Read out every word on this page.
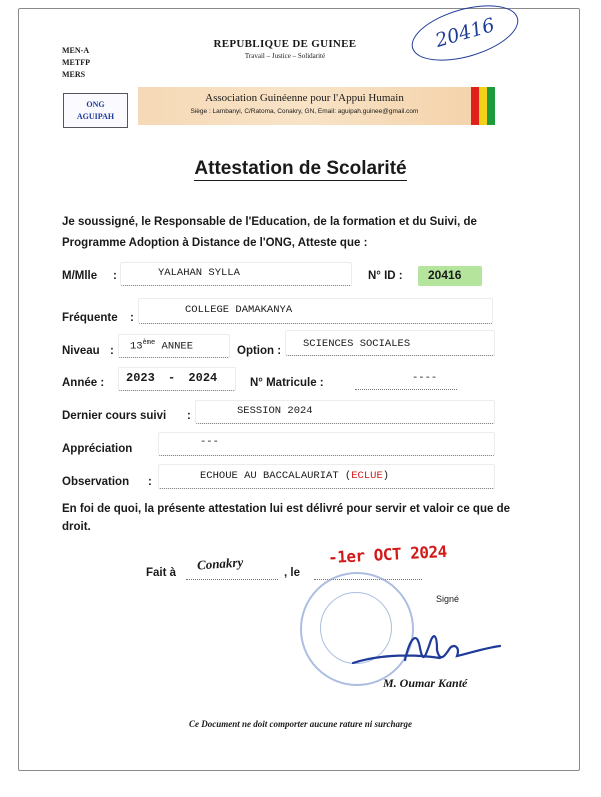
MEN-A
METFP
MERS
REPUBLIQUE DE GUINEE
Travail – Justice – Solidarité
20416
ONG
AGUIPAH
Association Guinéenne pour l'Appui Humain
Siège : Lambanyi, C/Ratoma, Conakry, GN, Email: aguipah.guinee@gmail.com
Attestation de Scolarité
Je soussigné, le Responsable de l'Education, de la formation et du Suivi, de Programme Adoption à Distance de l'ONG, Atteste que :
M/Mlle :	YALAHAN SYLLA	N° ID : 20416
Fréquente :
COLLEGE DAMAKANYA
Niveau : 13ème ANNEE	Option :
SCIENCES SOCIALES
Année : 2023 - 2024	N° Matricule :	----
Dernier cours suivi :	SESSION 2024
Appréciation
---
Observation :	ECHOUE AU BACCALAURIAT (ECLUE)
En foi de quoi, la présente attestation lui est délivré pour servir et valoir ce que de droit.
Fait à
Conakry
, le
-1er OCT 2024
Signé
M. Oumar Kanté
Ce Document ne doit comporter aucune rature ni surcharge
